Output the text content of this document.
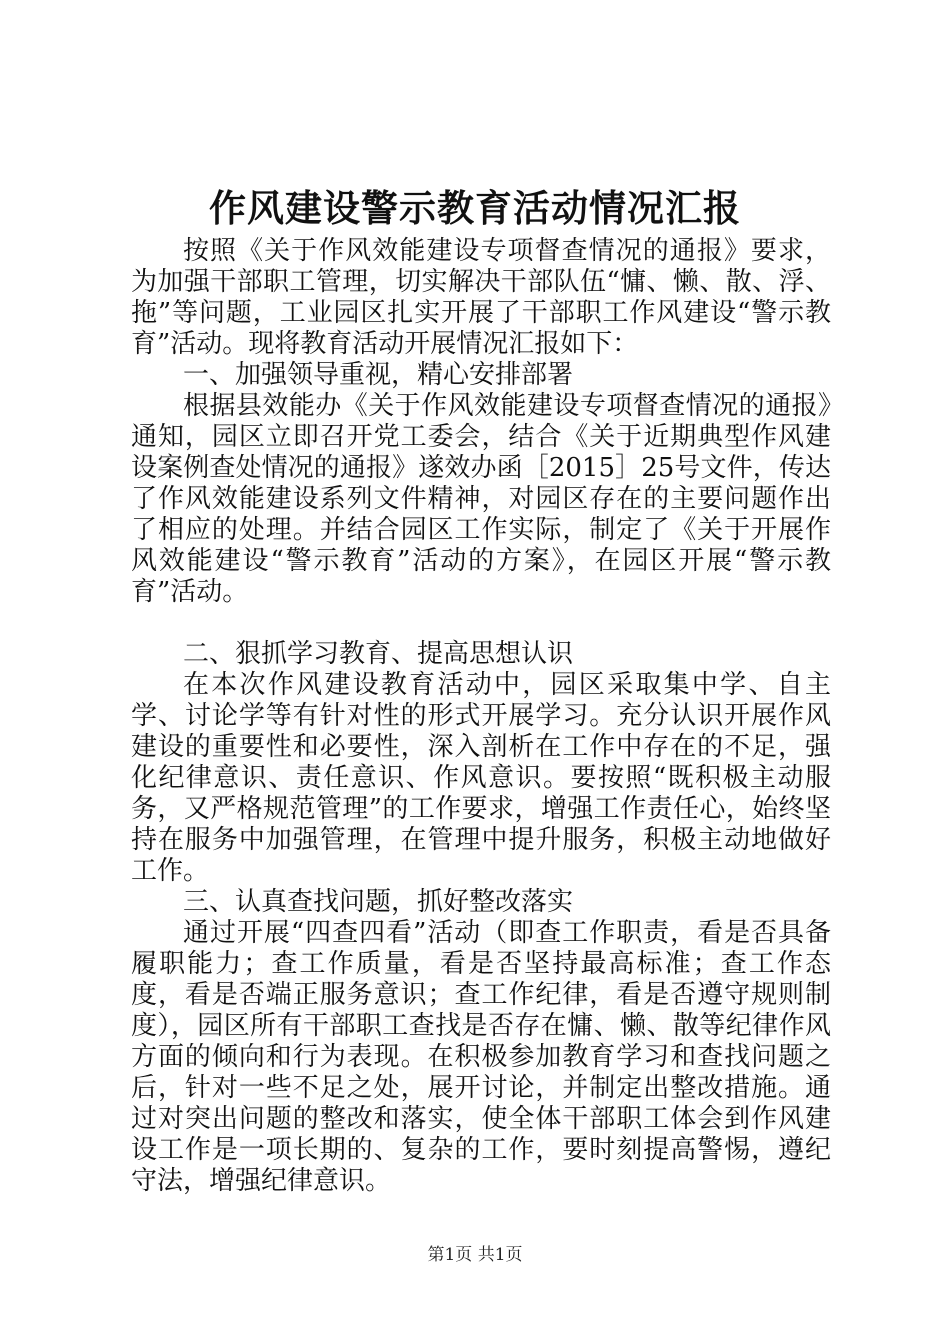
作风建设警示教育活动情况汇报

按照《关于作风效能建设专项督查情况的通报》要求，为加强干部职工管理，切实解决干部队伍“慵、懒、散、浮、拖”等问题，工业园区扎实开展了干部职工作风建设“警示教育”活动。现将教育活动开展情况汇报如下：

一、加强领导重视，精心安排部署

根据县效能办《关于作风效能建设专项督查情况的通报》通知，园区立即召开党工委会，结合《关于近期典型作风建设案例查处情况的通报》遂效办函［2015］25号文件，传达了作风效能建设系列文件精神，对园区存在的主要问题作出了相应的处理。并结合园区工作实际，制定了《关于开展作风效能建设“警示教育”活动的方案》，在园区开展“警示教育”活动。

二、狠抓学习教育、提高思想认识

在本次作风建设教育活动中，园区采取集中学、自主学、讨论学等有针对性的形式开展学习。充分认识开展作风建设的重要性和必要性，深入剖析在工作中存在的不足，强化纪律意识、责任意识、作风意识。要按照“既积极主动服务，又严格规范管理”的工作要求，增强工作责任心，始终坚持在服务中加强管理，在管理中提升服务，积极主动地做好工作。

三、认真查找问题，抓好整改落实

通过开展“四查四看”活动（即查工作职责，看是否具备履职能力；查工作质量，看是否坚持最高标准；查工作态度，看是否端正服务意识；查工作纪律，看是否遵守规则制度），园区所有干部职工查找是否存在慵、懒、散等纪律作风方面的倾向和行为表现。在积极参加教育学习和查找问题之后，针对一些不足之处，展开讨论，并制定出整改措施。通过对突出问题的整改和落实，使全体干部职工体会到作风建设工作是一项长期的、复杂的工作，要时刻提高警惕，遵纪守法，增强纪律意识。

第1页 共1页
